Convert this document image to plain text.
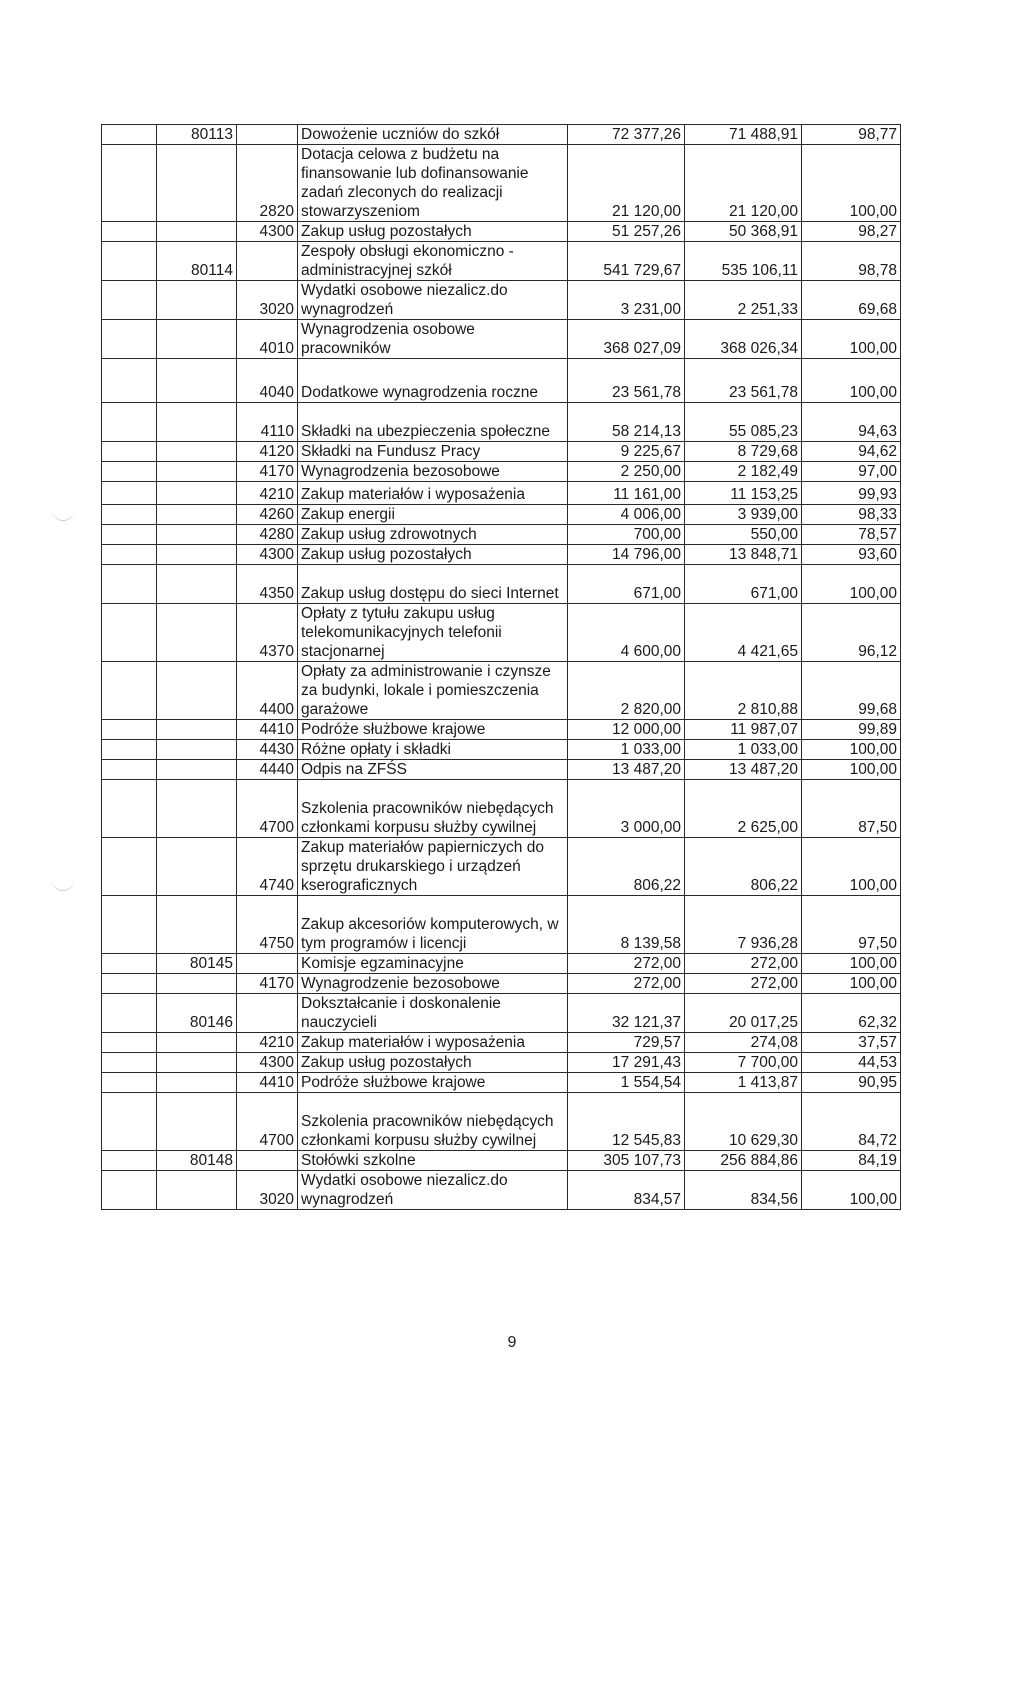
	80113		Dowożenie uczniów do szkół	72 377,26	71 488,91	98,77
		2820	Dotacja celowa z budżetu na finansowanie lub dofinansowanie zadań zleconych do realizacji stowarzyszeniom	21 120,00	21 120,00	100,00
		4300	Zakup usług pozostałych	51 257,26	50 368,91	98,27
	80114		Zespoły obsługi ekonomiczno - administracyjnej szkół	541 729,67	535 106,11	98,78
		3020	Wydatki osobowe niezalicz.do wynagrodzeń	3 231,00	2 251,33	69,68
		4010	Wynagrodzenia osobowe pracowników	368 027,09	368 026,34	100,00
		4040	Dodatkowe wynagrodzenia roczne	23 561,78	23 561,78	100,00
		4110	Składki na ubezpieczenia społeczne	58 214,13	55 085,23	94,63
		4120	Składki na Fundusz Pracy	9 225,67	8 729,68	94,62
		4170	Wynagrodzenia bezosobowe	2 250,00	2 182,49	97,00
		4210	Zakup materiałów i wyposażenia	11 161,00	11 153,25	99,93
		4260	Zakup energii	4 006,00	3 939,00	98,33
		4280	Zakup usług zdrowotnych	700,00	550,00	78,57
		4300	Zakup usług pozostałych	14 796,00	13 848,71	93,60
		4350	Zakup usług dostępu do sieci Internet	671,00	671,00	100,00
		4370	Opłaty z tytułu zakupu usług telekomunikacyjnych telefonii stacjonarnej	4 600,00	4 421,65	96,12
		4400	Opłaty za administrowanie i czynsze za budynki, lokale i pomieszczenia garażowe	2 820,00	2 810,88	99,68
		4410	Podróże służbowe krajowe	12 000,00	11 987,07	99,89
		4430	Różne opłaty i składki	1 033,00	1 033,00	100,00
		4440	Odpis na ZFŚS	13 487,20	13 487,20	100,00
		4700	Szkolenia pracowników niebędących członkami korpusu służby cywilnej	3 000,00	2 625,00	87,50
		4740	Zakup materiałów papierniczych do sprzętu drukarskiego i urządzeń kserograficznych	806,22	806,22	100,00
		4750	Zakup akcesoriów komputerowych, w tym programów i licencji	8 139,58	7 936,28	97,50
	80145		Komisje egzaminacyjne	272,00	272,00	100,00
		4170	Wynagrodzenie bezosobowe	272,00	272,00	100,00
	80146		Dokształcanie i doskonalenie nauczycieli	32 121,37	20 017,25	62,32
		4210	Zakup materiałów i wyposażenia	729,57	274,08	37,57
		4300	Zakup usług pozostałych	17 291,43	7 700,00	44,53
		4410	Podróże służbowe krajowe	1 554,54	1 413,87	90,95
		4700	Szkolenia pracowników niebędących członkami korpusu służby cywilnej	12 545,83	10 629,30	84,72
	80148		Stołówki szkolne	305 107,73	256 884,86	84,19
		3020	Wydatki osobowe niezalicz.do wynagrodzeń	834,57	834,56	100,00
9
